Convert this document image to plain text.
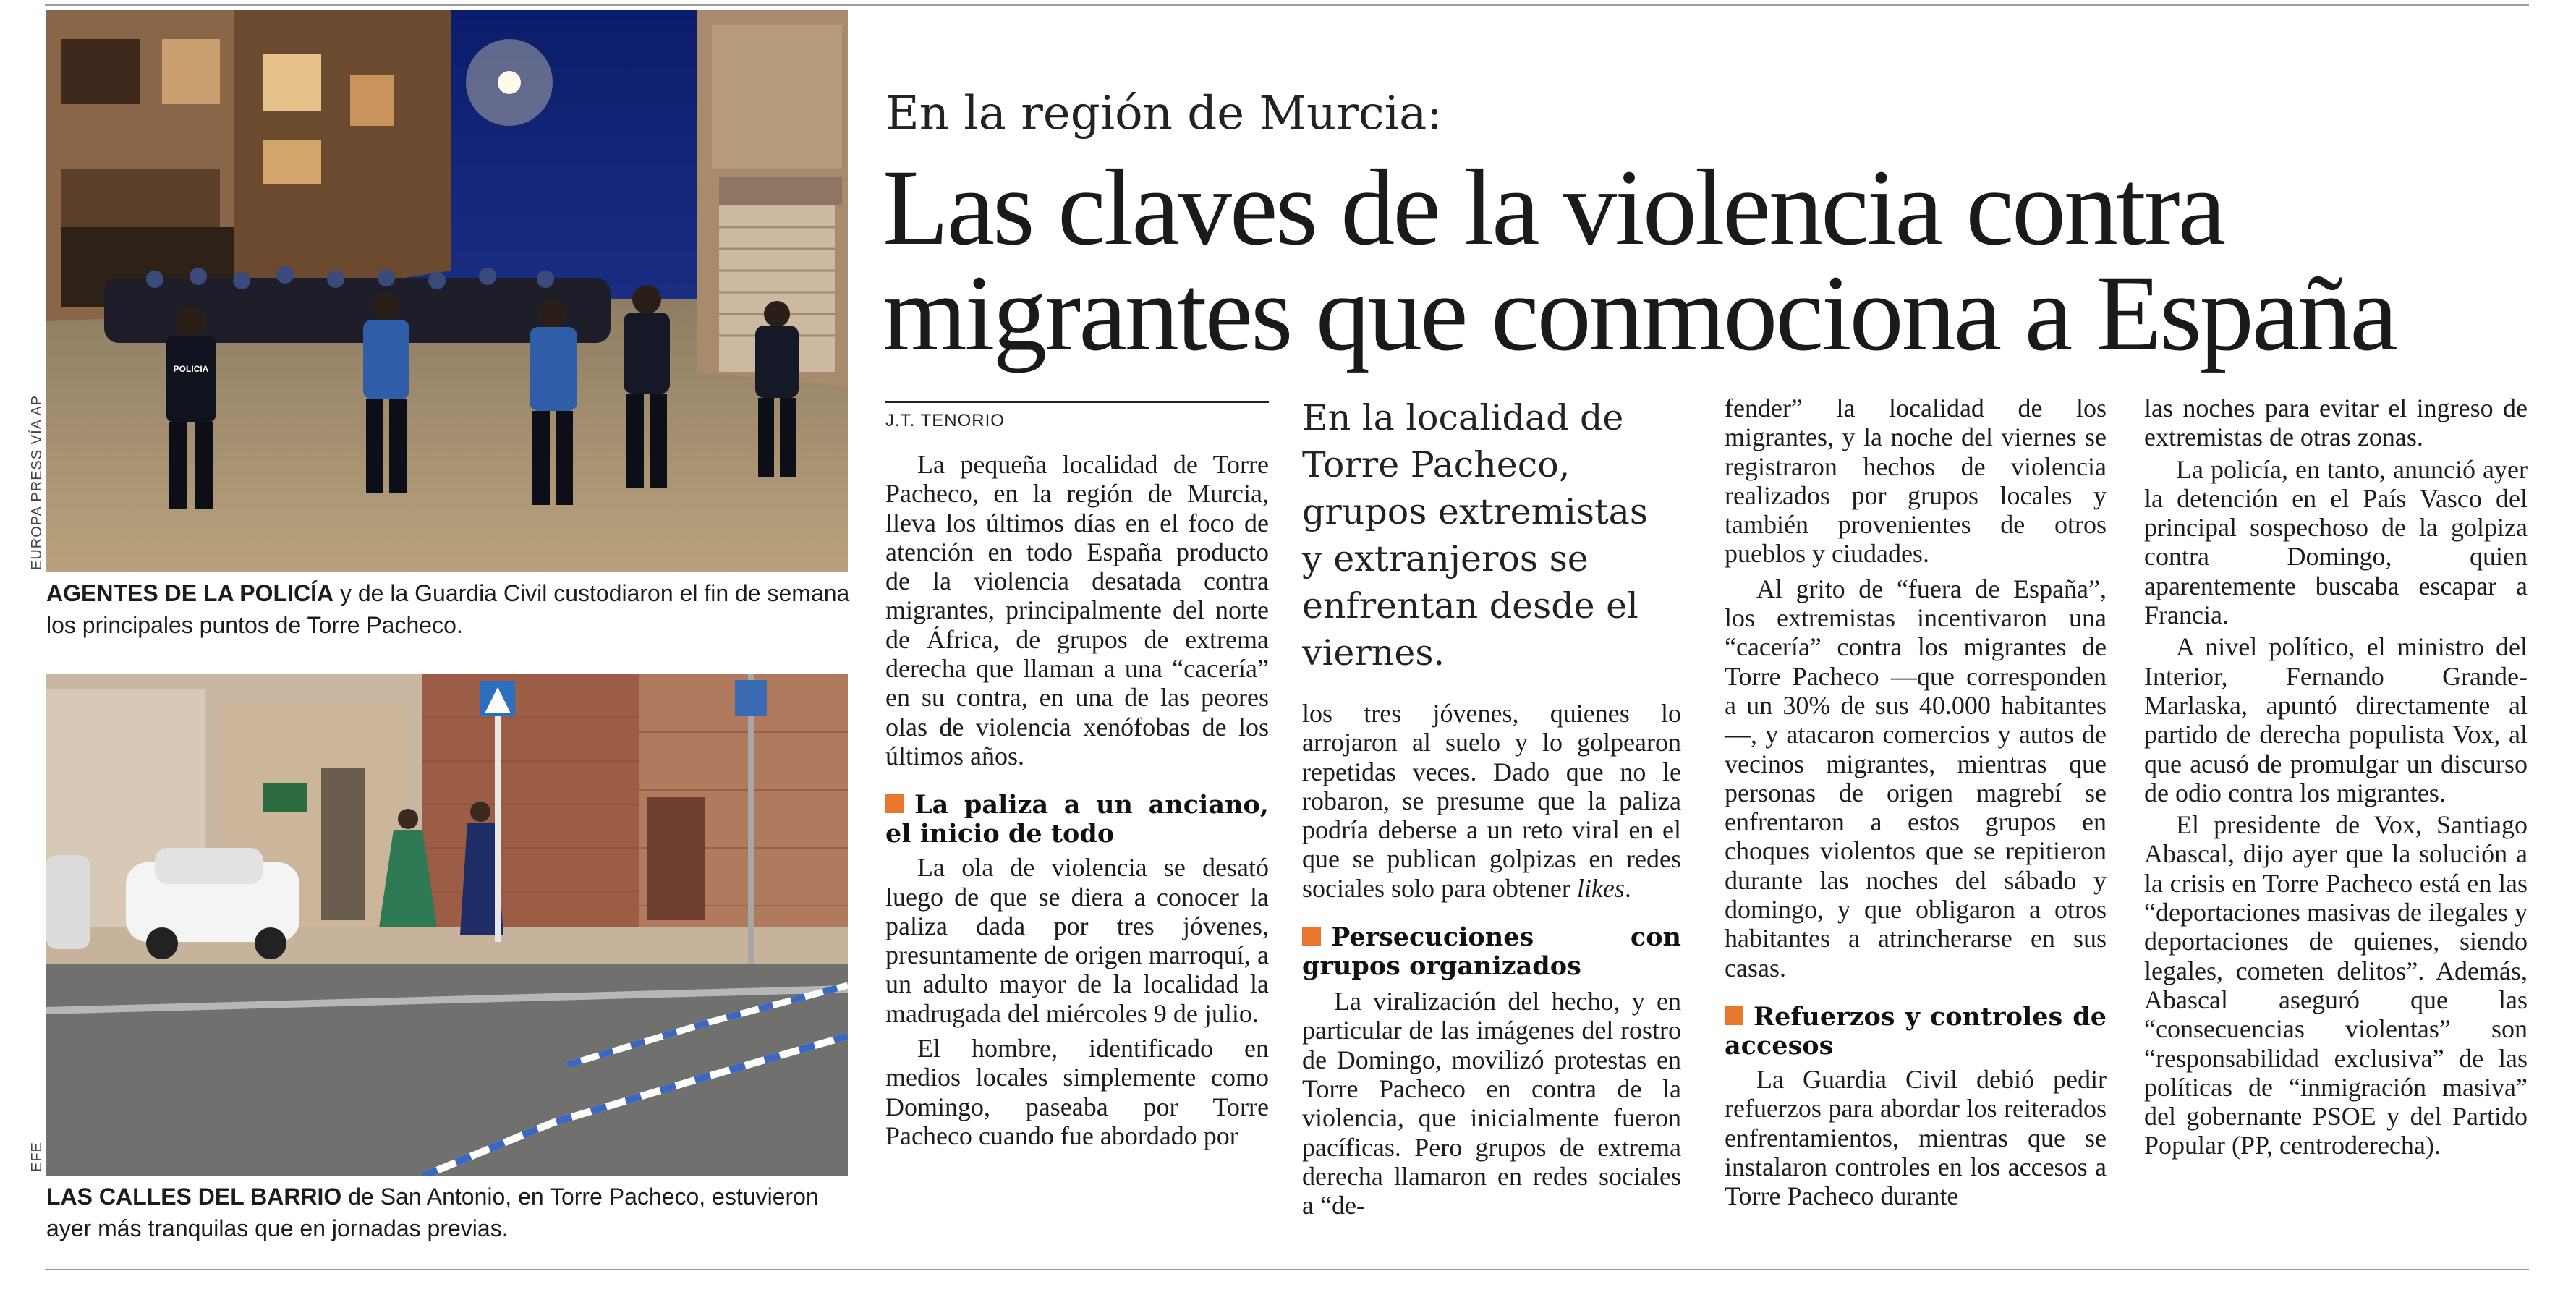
POLICIA
EUROPA PRESS VÍA AP
AGENTES DE LA POLICÍA y de la Guardia Civil custodiaron el fin de semana los principales puntos de Torre Pacheco.
EFE
LAS CALLES DEL BARRIO de San Antonio, en Torre Pacheco, estuvieron ayer más tranquilas que en jornadas previas.
En la región de Murcia:
Las claves de la violencia contra migrantes que conmociona a España
J.T. TENORIO

La pequeña localidad de Torre Pacheco, en la región de Murcia, lleva los últimos días en el foco de atención en todo España producto de la violencia desatada contra migrantes, principalmente del norte de África, de grupos de extrema derecha que llaman a una “cacería” en su contra, en una de las peores olas de violencia xenófobas de los últimos años.

La paliza a un anciano, el inicio de todo

La ola de violencia se desató luego de que se diera a conocer la paliza dada por tres jóvenes, presuntamente de origen marroquí, a un adulto mayor de la localidad la madrugada del miércoles 9 de julio.

El hombre, identificado en medios locales simplemente como Domingo, paseaba por Torre Pacheco cuando fue abordado por

En la localidad de Torre Pacheco, grupos extremistas y extranjeros se enfrentan desde el viernes.

los tres jóvenes, quienes lo arrojaron al suelo y lo golpearon repetidas veces. Dado que no le robaron, se presume que la paliza podría deberse a un reto viral en el que se publican golpizas en redes sociales solo para obtener likes.

Persecuciones con grupos organizados

La viralización del hecho, y en particular de las imágenes del rostro de Domingo, movilizó protestas en Torre Pacheco en contra de la violencia, que inicialmente fueron pacíficas. Pero grupos de extrema derecha llamaron en redes sociales a “de-

fender” la localidad de los migrantes, y la noche del viernes se registraron hechos de violencia realizados por grupos locales y también provenientes de otros pueblos y ciudades.

Al grito de “fuera de España”, los extremistas incentivaron una “cacería” contra los migrantes de Torre Pacheco —que corresponden a un 30% de sus 40.000 habitantes—, y atacaron comercios y autos de vecinos migrantes, mientras que personas de origen magrebí se enfrentaron a estos grupos en choques violentos que se repitieron durante las noches del sábado y domingo, y que obligaron a otros habitantes a atrincherarse en sus casas.

Refuerzos y controles de accesos

La Guardia Civil debió pedir refuerzos para abordar los reiterados enfrentamientos, mientras que se instalaron controles en los accesos a Torre Pacheco durante

las noches para evitar el ingreso de extremistas de otras zonas.

La policía, en tanto, anunció ayer la detención en el País Vasco del principal sospechoso de la golpiza contra Domingo, quien aparentemente buscaba escapar a Francia.

A nivel político, el ministro del Interior, Fernando Grande-Marlaska, apuntó directamente al partido de derecha populista Vox, al que acusó de promulgar un discurso de odio contra los migrantes.

El presidente de Vox, Santiago Abascal, dijo ayer que la solución a la crisis en Torre Pacheco está en las “deportaciones masivas de ilegales y deportaciones de quienes, siendo legales, cometen delitos”. Además, Abascal aseguró que las “consecuencias violentas” son “responsabilidad exclusiva” de las políticas de “inmigración masiva” del gobernante PSOE y del Partido Popular (PP, centroderecha).
